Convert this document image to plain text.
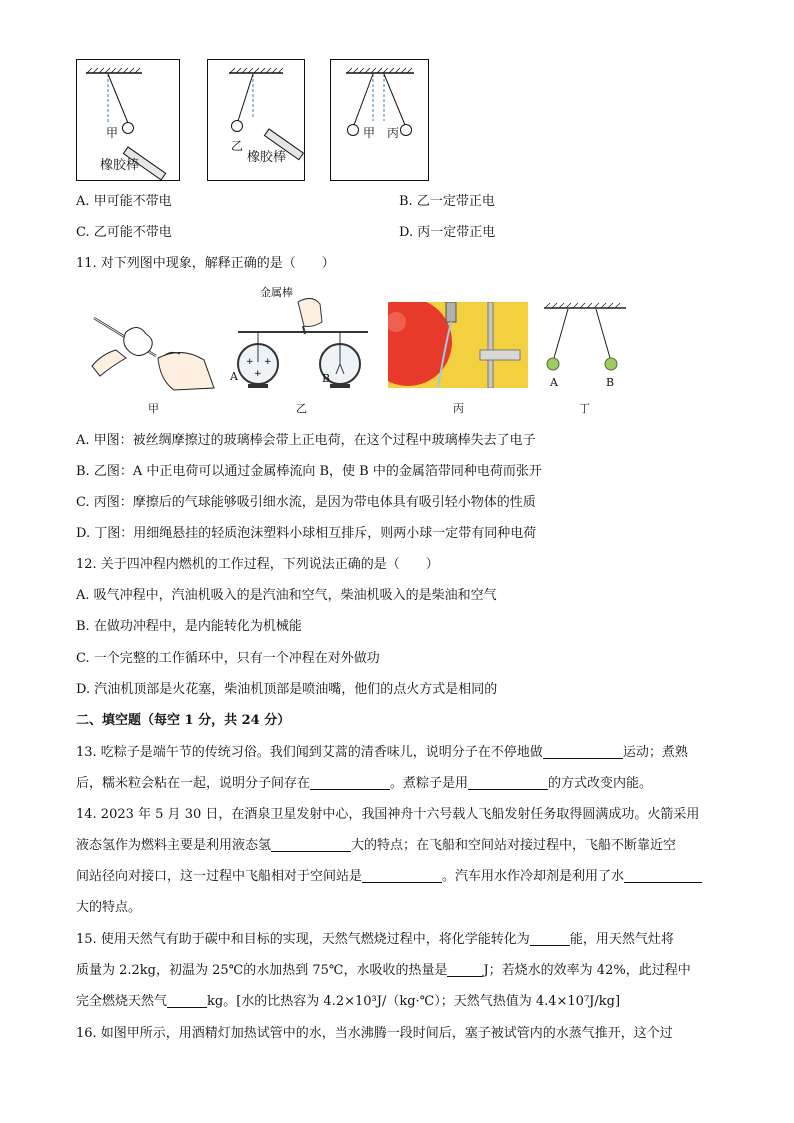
甲
橡胶棒
乙
橡胶棒
甲 丙
A. 甲可能不带电	B. 乙一定带正电
C. 乙可能不带电	D. 丙一定带正电
11. 对下列图中现象，解释正确的是（　　）
甲
+ +
+
金属棒
A	B
乙	丙
A	B
丁
A. 甲图：被丝绸摩擦过的玻璃棒会带上正电荷，在这个过程中玻璃棒失去了电子
B. 乙图：A 中正电荷可以通过金属棒流向 B，使 B 中的金属箔带同种电荷而张开
C. 丙图：摩擦后的气球能够吸引细水流，是因为带电体具有吸引轻小物体的性质
D. 丁图：用细绳悬挂的轻质泡沫塑料小球相互排斥，则两小球一定带有同种电荷
12. 关于四冲程内燃机的工作过程，下列说法正确的是（　　）
A. 吸气冲程中，汽油机吸入的是汽油和空气，柴油机吸入的是柴油和空气
B. 在做功冲程中，是内能转化为机械能
C. 一个完整的工作循环中，只有一个冲程在对外做功
D. 汽油机顶部是火花塞，柴油机顶部是喷油嘴，他们的点火方式是相同的
二、填空题（每空 1 分，共 24 分）
13. 吃粽子是端午节的传统习俗。我们闻到艾蒿的清香味儿，说明分子在不停地做	运动；煮熟
后，糯米粒会粘在一起，说明分子间存在	。煮粽子是用	的方式改变内能。
14. 2023 年 5 月 30 日，在酒泉卫星发射中心，我国神舟十六号载人飞船发射任务取得圆满成功。火箭采用
液态氢作为燃料主要是利用液态氢	大的特点；在飞船和空间站对接过程中，飞船不断靠近空
间站径向对接口，这一过程中飞船相对于空间站是	。汽车用水作冷却剂是利用了水
大的特点。
15. 使用天然气有助于碳中和目标的实现，天然气燃烧过程中，将化学能转化为	能，用天然气灶将
质量为 2.2kg，初温为 25℃的水加热到 75℃，水吸收的热量是	J；若烧水的效率为 42%，此过程中
完全燃烧天然气	kg。[水的比热容为 4.2×10³J/（kg·℃）；天然气热值为 4.4×10⁷J/kg]
16. 如图甲所示，用酒精灯加热试管中的水，当水沸腾一段时间后，塞子被试管内的水蒸气推开，这个过
